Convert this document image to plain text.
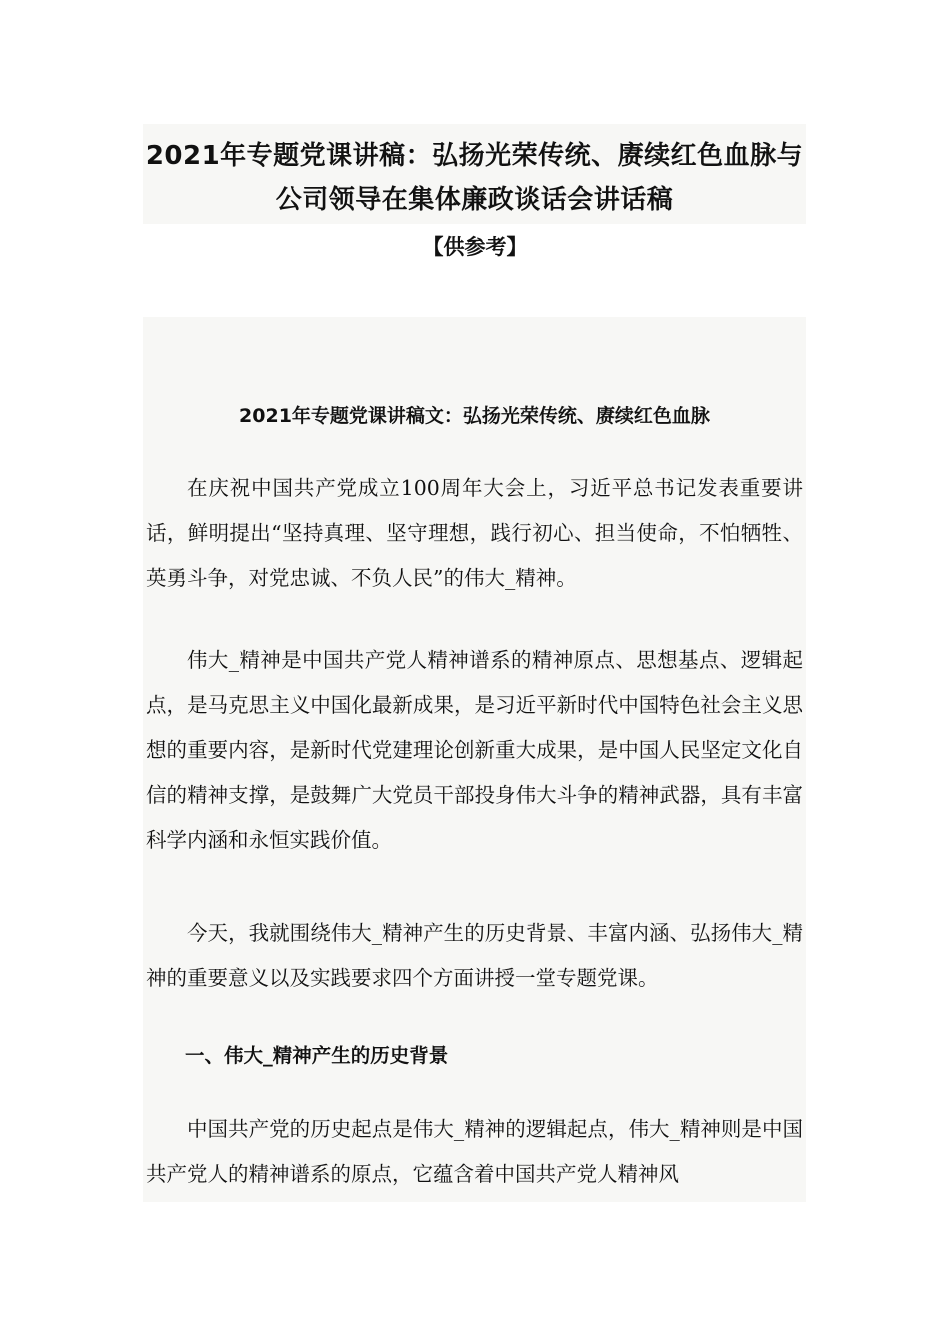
2021年专题党课讲稿：弘扬光荣传统、赓续红色血脉与公司领导在集体廉政谈话会讲话稿
【供参考】
2021年专题党课讲稿文：弘扬光荣传统、赓续红色血脉

在庆祝中国共产党成立100周年大会上，习近平总书记发表重要讲话，鲜明提出“坚持真理、坚守理想，践行初心、担当使命，不怕牺牲、英勇斗争，对党忠诚、不负人民”的伟大_精神。

伟大_精神是中国共产党人精神谱系的精神原点、思想基点、逻辑起点，是马克思主义中国化最新成果，是习近平新时代中国特色社会主义思想的重要内容，是新时代党建理论创新重大成果，是中国人民坚定文化自信的精神支撑，是鼓舞广大党员干部投身伟大斗争的精神武器，具有丰富科学内涵和永恒实践价值。

今天，我就围绕伟大_精神产生的历史背景、丰富内涵、弘扬伟大_精神的重要意义以及实践要求四个方面讲授一堂专题党课。

一、伟大_精神产生的历史背景

中国共产党的历史起点是伟大_精神的逻辑起点，伟大_精神则是中国共产党人的精神谱系的原点，它蕴含着中国共产党人精神风
